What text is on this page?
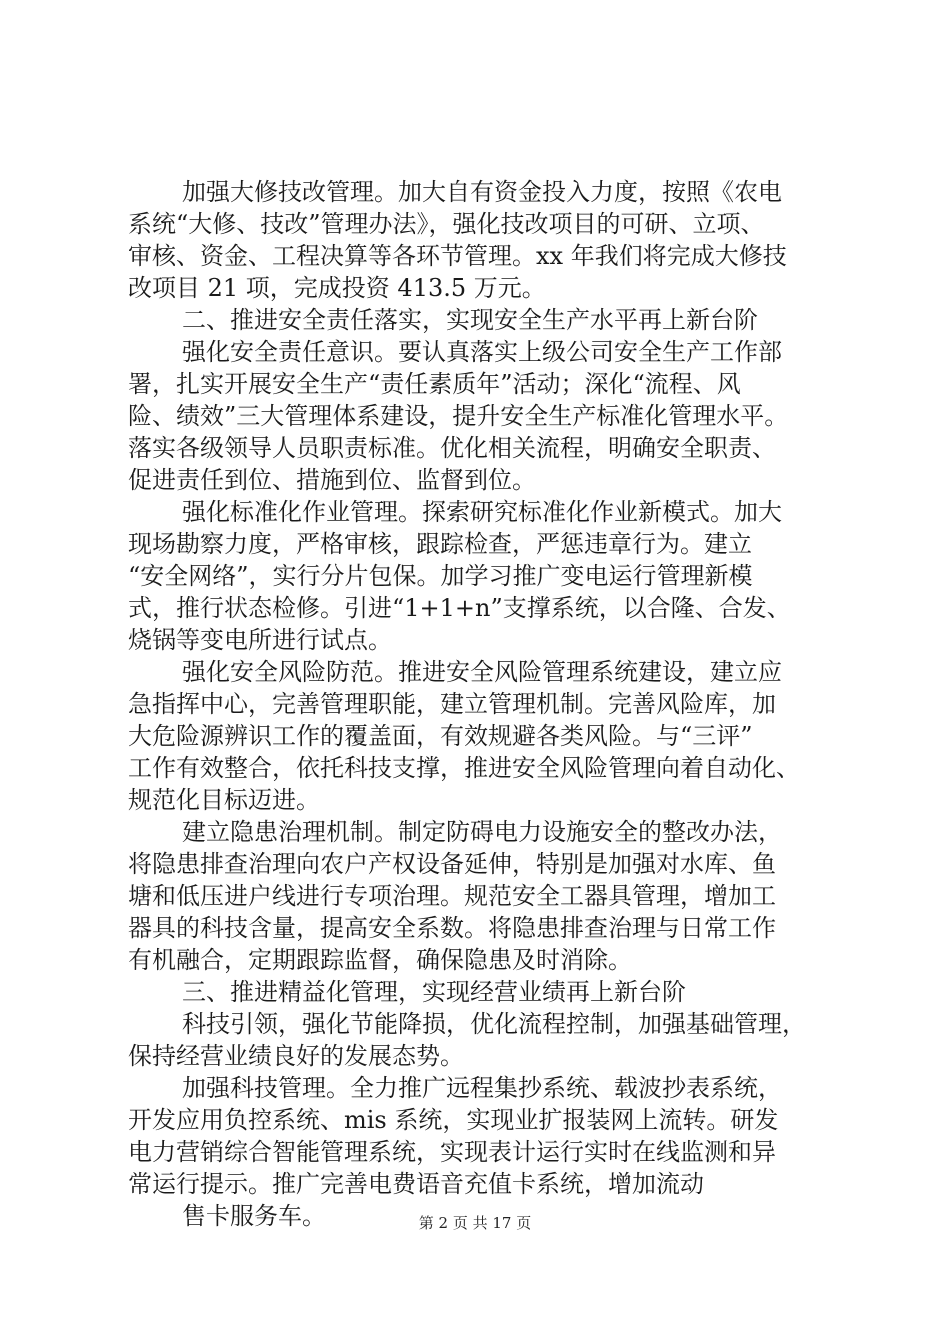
加强大修技改管理。加大自有资金投入力度，按照《农电
系统“大修、技改”管理办法》，强化技改项目的可研、立项、
审核、资金、工程决算等各环节管理。xx 年我们将完成大修技
改项目 21 项，完成投资 413.5 万元。
二、推进安全责任落实，实现安全生产水平再上新台阶
强化安全责任意识。要认真落实上级公司安全生产工作部
署，扎实开展安全生产“责任素质年”活动；深化“流程、风
险、绩效”三大管理体系建设，提升安全生产标准化管理水平。
落实各级领导人员职责标准。优化相关流程，明确安全职责、
促进责任到位、措施到位、监督到位。
强化标准化作业管理。探索研究标准化作业新模式。加大
现场勘察力度，严格审核，跟踪检查，严惩违章行为。建立
“安全网络”，实行分片包保。加学习推广变电运行管理新模
式，推行状态检修。引进“1+1+n”支撑系统，以合隆、合发、
烧锅等变电所进行试点。
强化安全风险防范。推进安全风险管理系统建设，建立应
急指挥中心，完善管理职能，建立管理机制。完善风险库，加
大危险源辨识工作的覆盖面，有效规避各类风险。与“三评”
工作有效整合，依托科技支撑，推进安全风险管理向着自动化、
规范化目标迈进。
建立隐患治理机制。制定防碍电力设施安全的整改办法，
将隐患排查治理向农户产权设备延伸，特别是加强对水库、鱼
塘和低压进户线进行专项治理。规范安全工器具管理，增加工
器具的科技含量，提高安全系数。将隐患排查治理与日常工作
有机融合，定期跟踪监督，确保隐患及时消除。
三、推进精益化管理，实现经营业绩再上新台阶
科技引领，强化节能降损，优化流程控制，加强基础管理，
保持经营业绩良好的发展态势。
加强科技管理。全力推广远程集抄系统、载波抄表系统，
开发应用负控系统、mis 系统，实现业扩报装网上流转。研发
电力营销综合智能管理系统，实现表计运行实时在线监测和异
常运行提示。推广完善电费语音充值卡系统，增加流动
售卡服务车。	第 2 页 共 17 页
